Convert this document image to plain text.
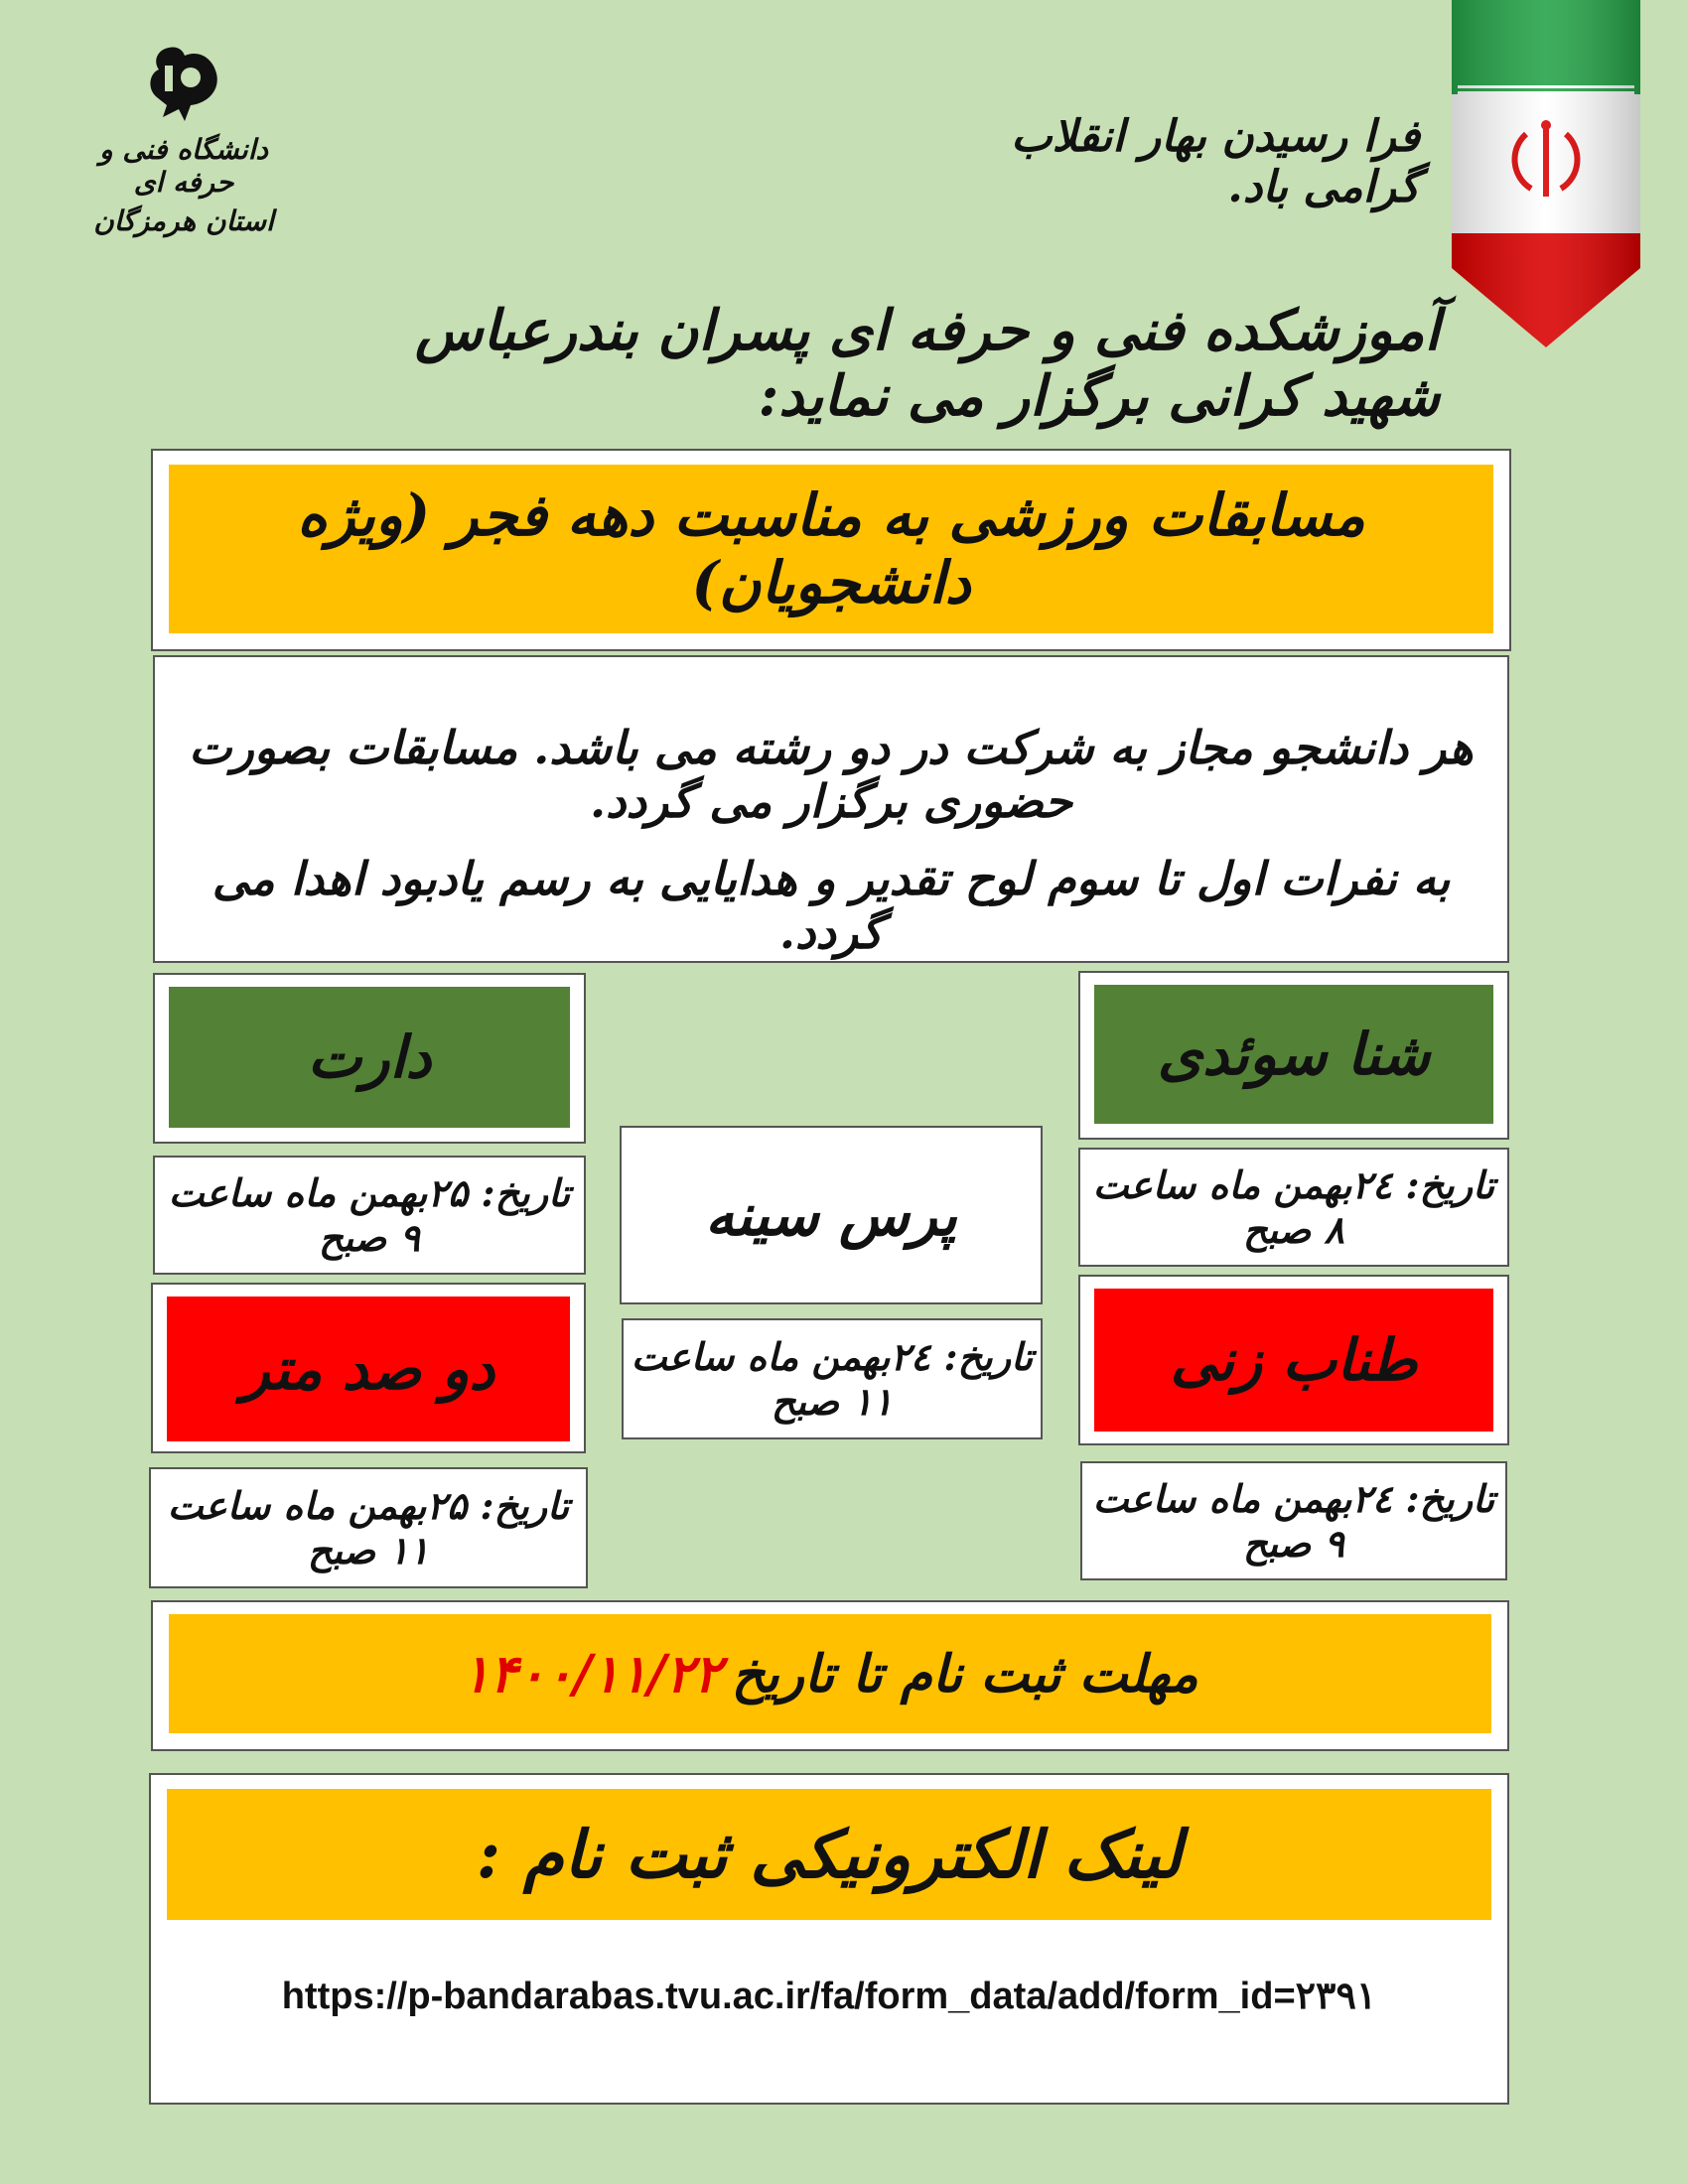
دانشگاه فنی و حرفه ای
استان هرمزگان
فرا رسیدن بهار انقلاب گرامی باد.
آموزشکده فنی و حرفه ای پسران بندرعباس شهید کرانی برگزار می نماید:
مسابقات ورزشی به مناسبت دهه فجر (ویژه دانشجویان)
هر دانشجو مجاز به شرکت در دو رشته می باشد. مسابقات بصورت حضوری برگزار می گردد.
به نفرات اول تا سوم لوح تقدیر و هدایایی به رسم یادبود اهدا می گردد.
شنا سوئدی
تاریخ: ۲٤بهمن ماه ساعت ۸ صبح
طناب زنی
تاریخ: ۲٤بهمن ماه ساعت ۹ صبح
پرس سینه
تاریخ: ۲٤بهمن ماه ساعت ۱۱ صبح
دارت
تاریخ: ۲۵بهمن ماه ساعت ۹ صبح
دو صد متر
تاریخ: ۲۵بهمن ماه ساعت ۱۱ صبح
مهلت ثبت نام تا تاریخ
۱۴۰۰/۱۱/۲۲
لینک الکترونیکی ثبت نام :
https://p-bandarabas.tvu.ac.ir/fa/form_data/add/form_id=۲۳۹۱
